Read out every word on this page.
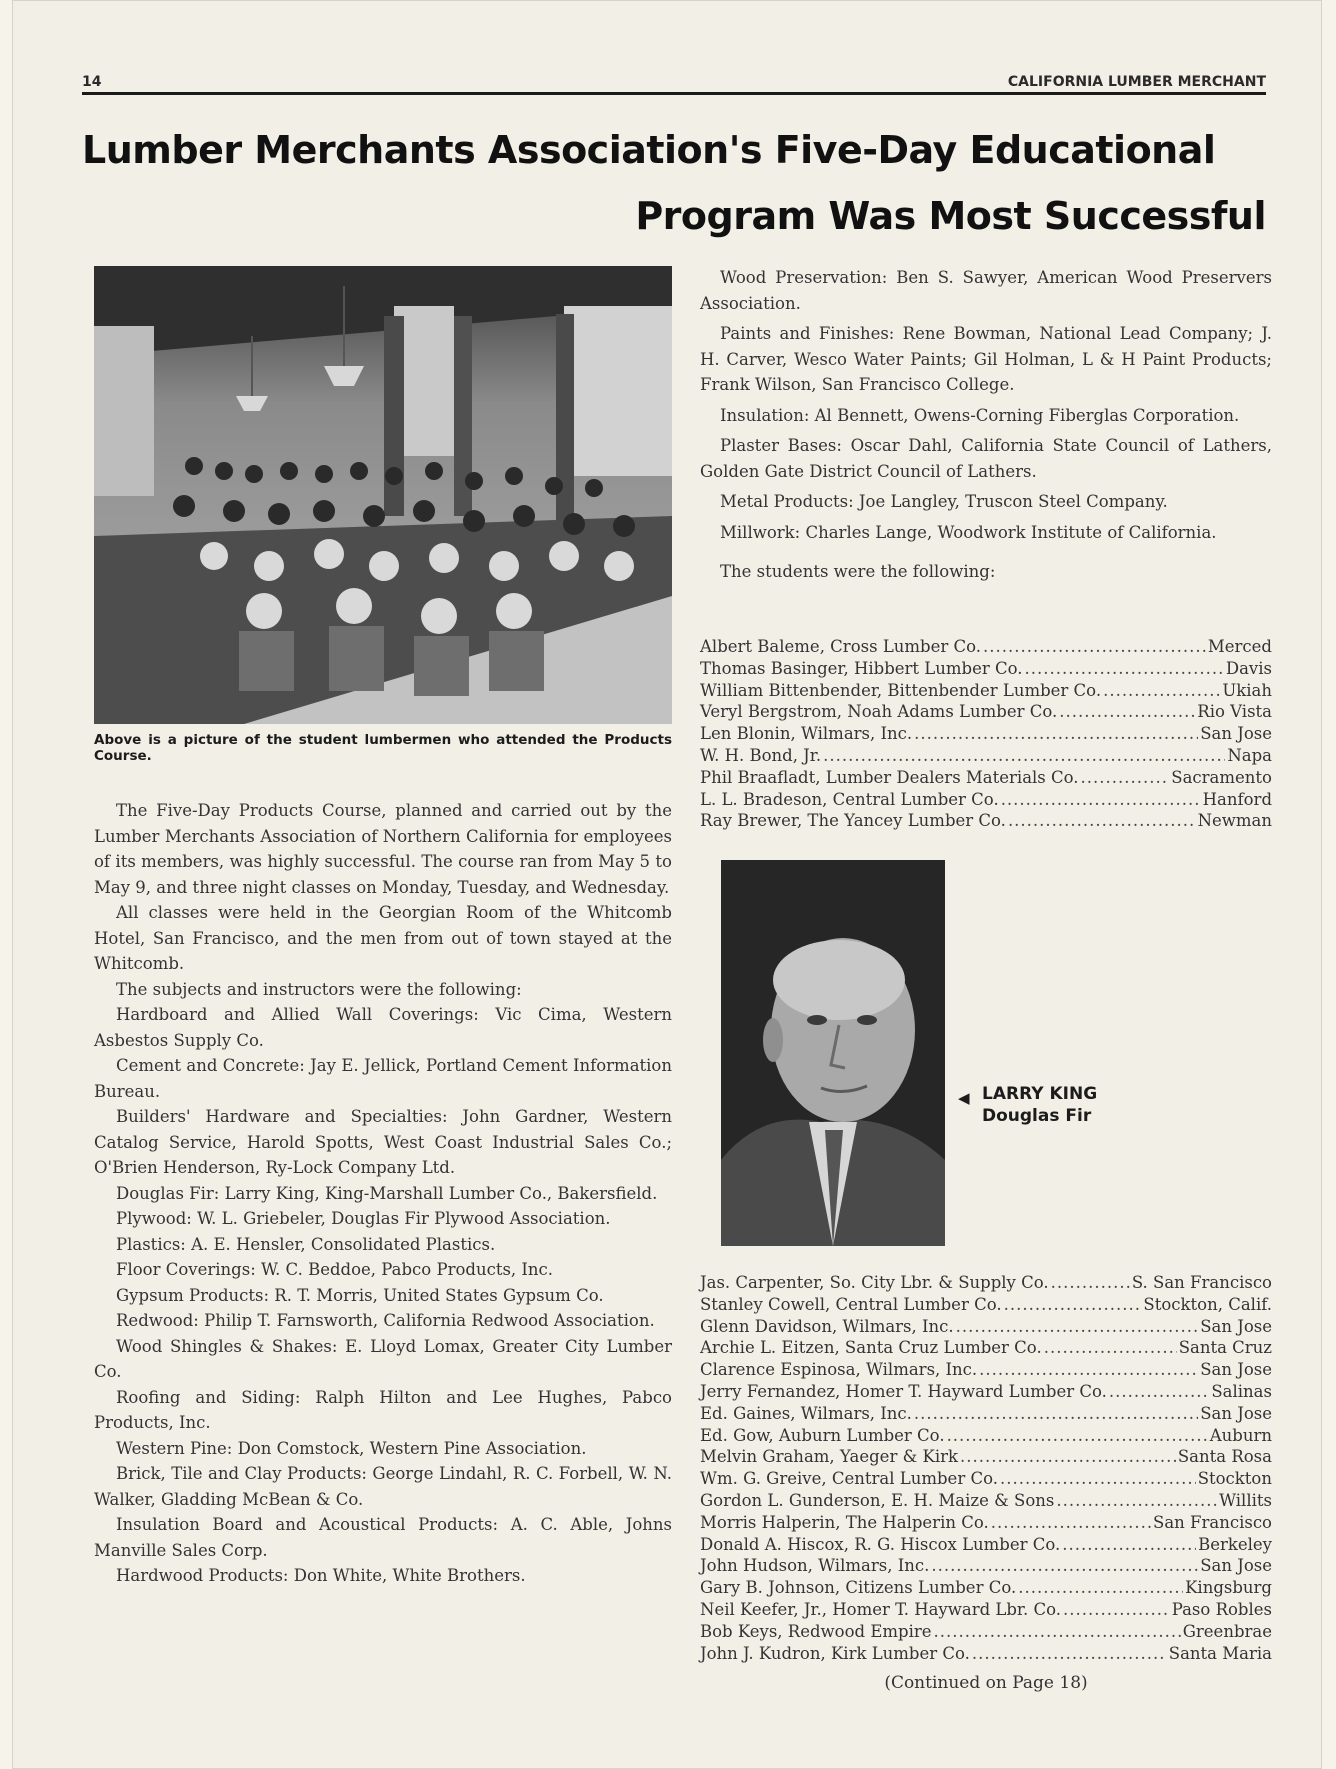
14	CALIFORNIA LUMBER MERCHANT
Lumber Merchants Association's Five-Day Educational
Program Was Most Successful
Above is a picture of the student lumbermen who attended the Products Course.

The Five-Day Products Course, planned and carried out by the Lumber Merchants Association of Northern California for employees of its members, was highly successful. The course ran from May 5 to May 9, and three night classes on Monday, Tuesday, and Wednesday.

All classes were held in the Georgian Room of the Whitcomb Hotel, San Francisco, and the men from out of town stayed at the Whitcomb.

The subjects and instructors were the following:

Hardboard and Allied Wall Coverings: Vic Cima, Western Asbestos Supply Co.

Cement and Concrete: Jay E. Jellick, Portland Cement Information Bureau.

Builders' Hardware and Specialties: John Gardner, Western Catalog Service, Harold Spotts, West Coast Industrial Sales Co.; O'Brien Henderson, Ry-Lock Company Ltd.

Douglas Fir: Larry King, King-Marshall Lumber Co., Bakersfield.

Plywood: W. L. Griebeler, Douglas Fir Plywood Association.

Plastics: A. E. Hensler, Consolidated Plastics.

Floor Coverings: W. C. Beddoe, Pabco Products, Inc.

Gypsum Products: R. T. Morris, United States Gypsum Co.

Redwood: Philip T. Farnsworth, California Redwood Association.

Wood Shingles & Shakes: E. Lloyd Lomax, Greater City Lumber Co.

Roofing and Siding: Ralph Hilton and Lee Hughes, Pabco Products, Inc.

Western Pine: Don Comstock, Western Pine Association.

Brick, Tile and Clay Products: George Lindahl, R. C. Forbell, W. N. Walker, Gladding McBean & Co.

Insulation Board and Acoustical Products: A. C. Able, Johns Manville Sales Corp.

Hardwood Products: Don White, White Brothers.

Wood Preservation: Ben S. Sawyer, American Wood Preservers Association.

Paints and Finishes: Rene Bowman, National Lead Company; J. H. Carver, Wesco Water Paints; Gil Holman, L & H Paint Products; Frank Wilson, San Francisco College.

Insulation: Al Bennett, Owens-Corning Fiberglas Corporation.

Plaster Bases: Oscar Dahl, California State Council of Lathers, Golden Gate District Council of Lathers.

Metal Products: Joe Langley, Truscon Steel Company.

Millwork: Charles Lange, Woodwork Institute of California.

The students were the following:

Albert Baleme, Cross Lumber Co. .....	Merced
Thomas Basinger, Hibbert Lumber Co. .....	Davis
William Bittenbender, Bittenbender Lumber Co. .....	Ukiah
Veryl Bergstrom, Noah Adams Lumber Co. .....	Rio Vista
Len Blonin, Wilmars, Inc. .....	San Jose
W. H. Bond, Jr. .....	Napa
Phil Braafladt, Lumber Dealers Materials Co. .....	Sacramento
L. L. Bradeson, Central Lumber Co. .....	Hanford
Ray Brewer, The Yancey Lumber Co. .....	Newman
◀ LARRY KING
Douglas Fir
Jas. Carpenter, So. City Lbr. & Supply Co. .....	S. San Francisco
Stanley Cowell, Central Lumber Co. .....	Stockton, Calif.
Glenn Davidson, Wilmars, Inc. .....	San Jose
Archie L. Eitzen, Santa Cruz Lumber Co. .....	Santa Cruz
Clarence Espinosa, Wilmars, Inc. .....	San Jose
Jerry Fernandez, Homer T. Hayward Lumber Co. .....	Salinas
Ed. Gaines, Wilmars, Inc. .....	San Jose
Ed. Gow, Auburn Lumber Co. .....	Auburn
Melvin Graham, Yaeger & Kirk .....	Santa Rosa
Wm. G. Greive, Central Lumber Co. .....	Stockton
Gordon L. Gunderson, E. H. Maize & Sons .....	Willits
Morris Halperin, The Halperin Co. .....	San Francisco
Donald A. Hiscox, R. G. Hiscox Lumber Co. .....	Berkeley
John Hudson, Wilmars, Inc. .....	San Jose
Gary B. Johnson, Citizens Lumber Co. .....	Kingsburg
Neil Keefer, Jr., Homer T. Hayward Lbr. Co. .....	Paso Robles
Bob Keys, Redwood Empire .....	Greenbrae
John J. Kudron, Kirk Lumber Co. .....	Santa Maria
(Continued on Page 18)
